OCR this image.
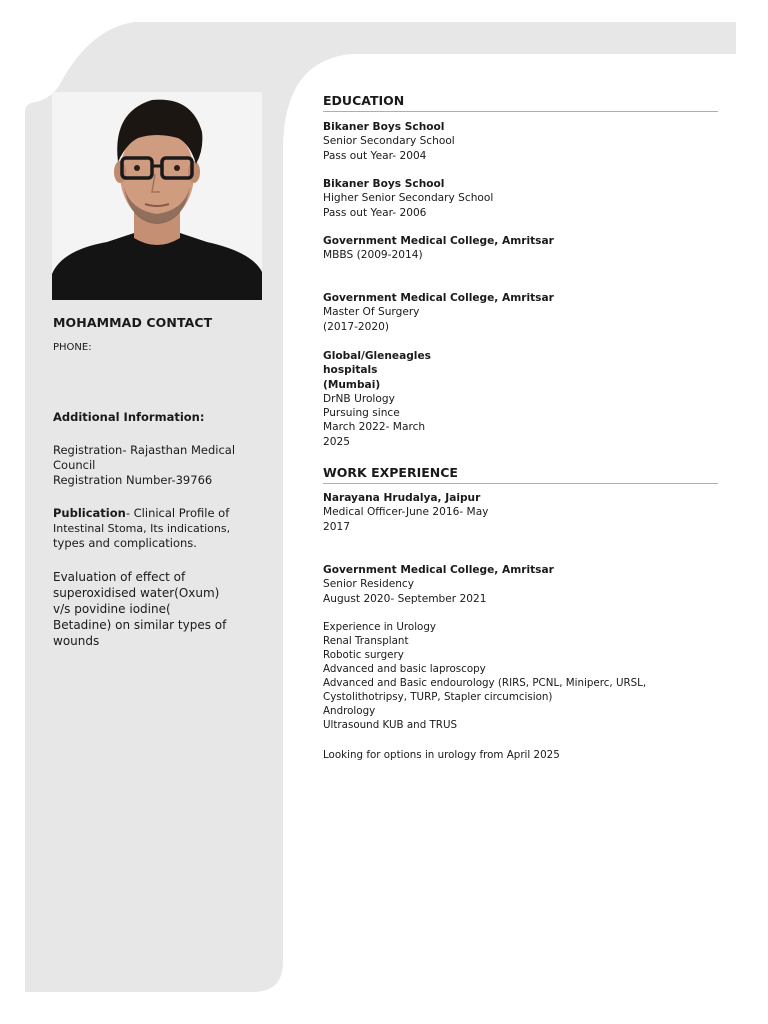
MOHAMMAD CONTACT
PHONE:
Additional Information:

Registration- Rajasthan Medical

Council

Registration Number-39766

Publication- Clinical Profile of

Intestinal Stoma, Its indications,

types and complications.

Evaluation of effect of
superoxidised water(Oxum)
v/s povidine iodine(
Betadine) on similar types of
wounds
EDUCATION
Bikaner Boys School
Senior Secondary School
Pass out Year- 2004
Bikaner Boys School
Higher Senior Secondary School
Pass out Year- 2006
Government Medical College, Amritsar
MBBS (2009-2014)
Government Medical College, Amritsar
Master Of Surgery
(2017-2020)
Global/Gleneagles
hospitals
(Mumbai)
DrNB Urology
Pursuing since
March 2022- March
2025
WORK EXPERIENCE
Narayana Hrudalya, Jaipur
Medical Officer-June 2016- May
2017
Government Medical College, Amritsar
Senior Residency
August 2020- September 2021
Experience in Urology
Renal Transplant
Robotic surgery
Advanced and basic laproscopy
Advanced and Basic endourology (RIRS, PCNL, Miniperc, URSL,
Cystolithotripsy, TURP, Stapler circumcision)
Andrology
Ultrasound KUB and TRUS
Looking for options in urology from April 2025
